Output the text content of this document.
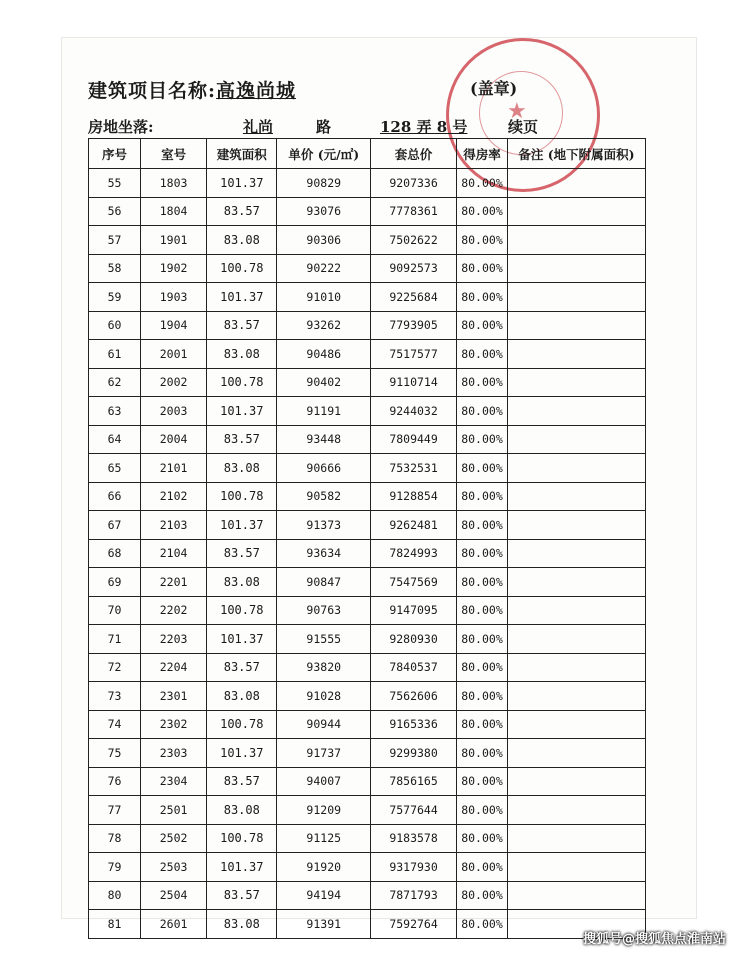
★
建筑项目名称:高逸尚城	(盖章)
房地坐落:	礼尚	路	128 弄 8 号	续页
序号	室号	建筑面积	单价 (元/㎡)	套总价	得房率	备注 (地下附属面积)
55	1803	101.37	90829	9207336	80.00%	
56	1804	83.57	93076	7778361	80.00%	
57	1901	83.08	90306	7502622	80.00%	
58	1902	100.78	90222	9092573	80.00%	
59	1903	101.37	91010	9225684	80.00%	
60	1904	83.57	93262	7793905	80.00%	
61	2001	83.08	90486	7517577	80.00%	
62	2002	100.78	90402	9110714	80.00%	
63	2003	101.37	91191	9244032	80.00%	
64	2004	83.57	93448	7809449	80.00%	
65	2101	83.08	90666	7532531	80.00%	
66	2102	100.78	90582	9128854	80.00%	
67	2103	101.37	91373	9262481	80.00%	
68	2104	83.57	93634	7824993	80.00%	
69	2201	83.08	90847	7547569	80.00%	
70	2202	100.78	90763	9147095	80.00%	
71	2203	101.37	91555	9280930	80.00%	
72	2204	83.57	93820	7840537	80.00%	
73	2301	83.08	91028	7562606	80.00%	
74	2302	100.78	90944	9165336	80.00%	
75	2303	101.37	91737	9299380	80.00%	
76	2304	83.57	94007	7856165	80.00%	
77	2501	83.08	91209	7577644	80.00%	
78	2502	100.78	91125	9183578	80.00%	
79	2503	101.37	91920	9317930	80.00%	
80	2504	83.57	94194	7871793	80.00%	
81	2601	83.08	91391	7592764	80.00%	
搜狐号@搜狐焦点淮南站
